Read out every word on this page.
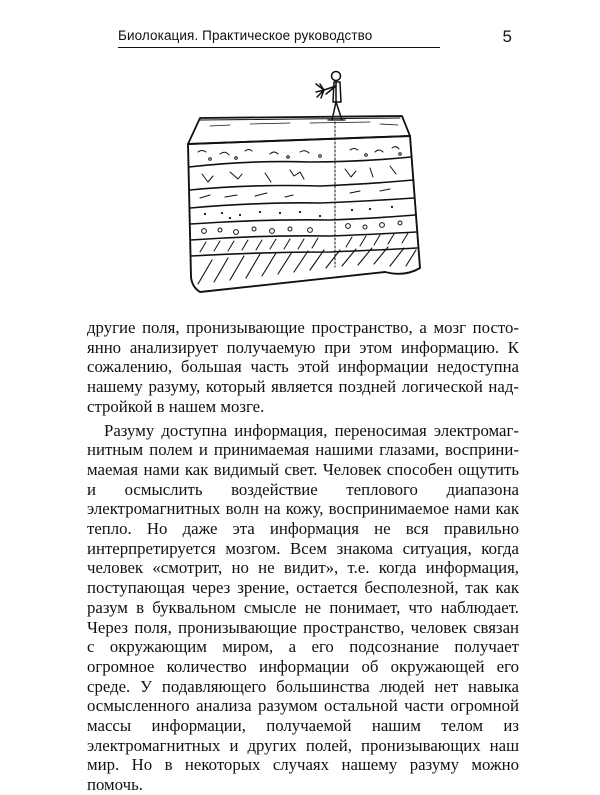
Биолокация. Практическое руководство	5

другие поля, пронизывающие пространство, а мозг постоянно анализирует получаемую при этом информацию. К сожалению, большая часть этой информации недоступна нашему разуму, который является поздней логической надстройкой в нашем мозге.

Разуму доступна информация, переносимая электромагнитным полем и принимаемая нашими глазами, воспринимаемая нами как видимый свет. Человек способен ощутить и осмыслить воздействие теплового диапазона электромагнитных волн на кожу, воспринимаемое нами как тепло. Но даже эта информация не вся правильно интерпретируется мозгом. Всем знакома ситуация, когда человек «смотрит, но не видит», т.е. когда информация, поступающая через зрение, остается бесполезной, так как разум в буквальном смысле не понимает, что наблюдает. Через поля, пронизывающие пространство, человек связан с окружающим миром, а его подсознание получает огромное количество информации об окружающей его среде. У подавляющего большинства людей нет навыка осмысленного анализа разумом остальной части огромной массы информации, получаемой нашим телом из электромагнитных и других полей, пронизывающих наш мир. Но в некоторых случаях нашему разуму можно помочь.
